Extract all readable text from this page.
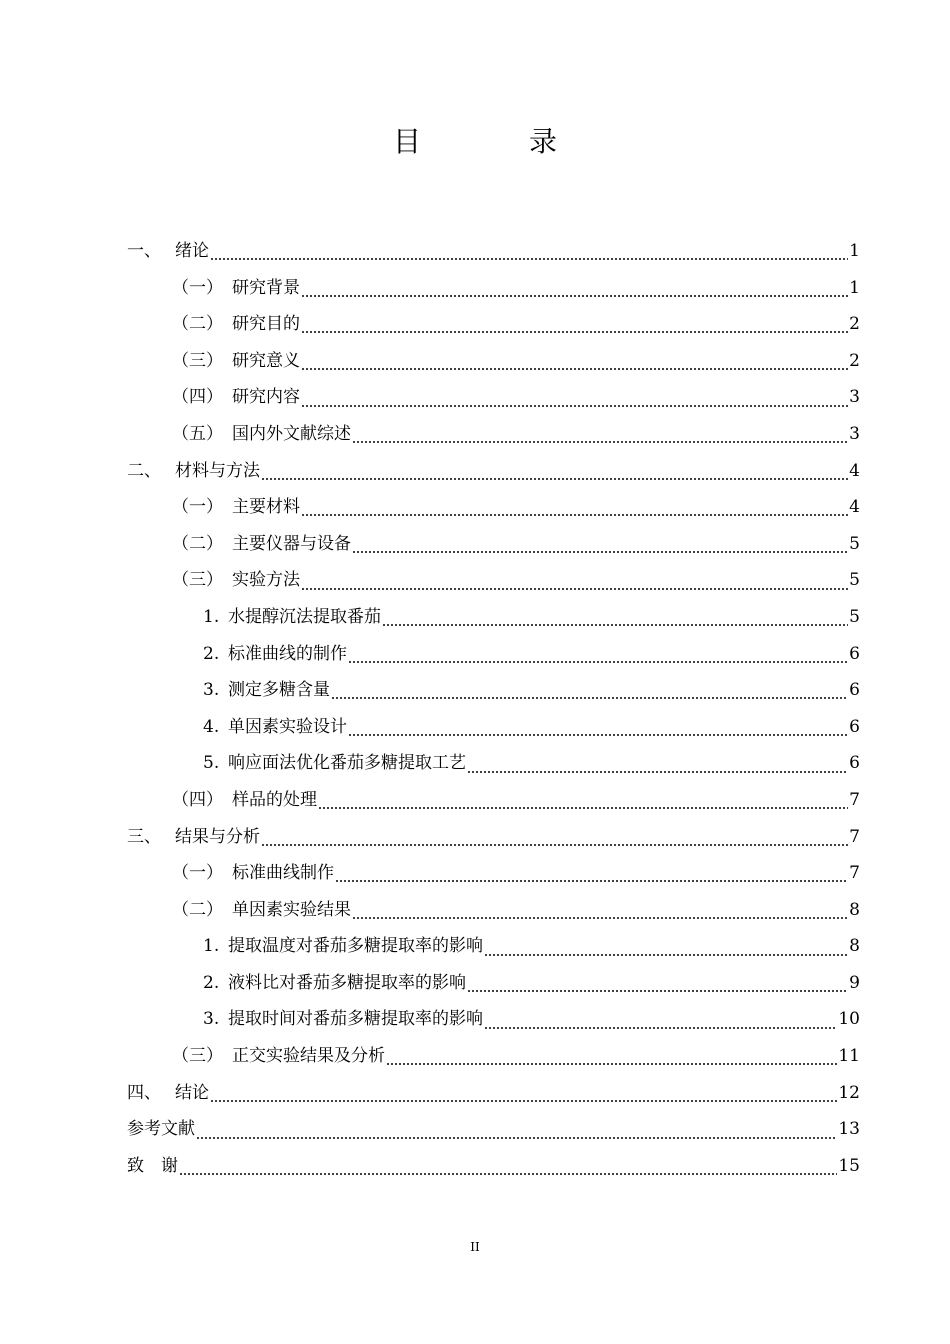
目　录
一、 绪论	1
（一） 研究背景	1
（二） 研究目的	2
（三） 研究意义	2
（四） 研究内容	3
（五） 国内外文献综述	3
二、 材料与方法	4
（一） 主要材料	4
（二） 主要仪器与设备	5
（三） 实验方法	5
1. 水提醇沉法提取番茄	5
2. 标准曲线的制作	6
3. 测定多糖含量	6
4. 单因素实验设计	6
5. 响应面法优化番茄多糖提取工艺	6
（四） 样品的处理	7
三、 结果与分析	7
（一） 标准曲线制作	7
（二） 单因素实验结果	8
1. 提取温度对番茄多糖提取率的影响	8
2. 液料比对番茄多糖提取率的影响	9
3. 提取时间对番茄多糖提取率的影响	10
（三） 正交实验结果及分析	11
四、 结论	12
参考文献	13
致　谢	15
II
